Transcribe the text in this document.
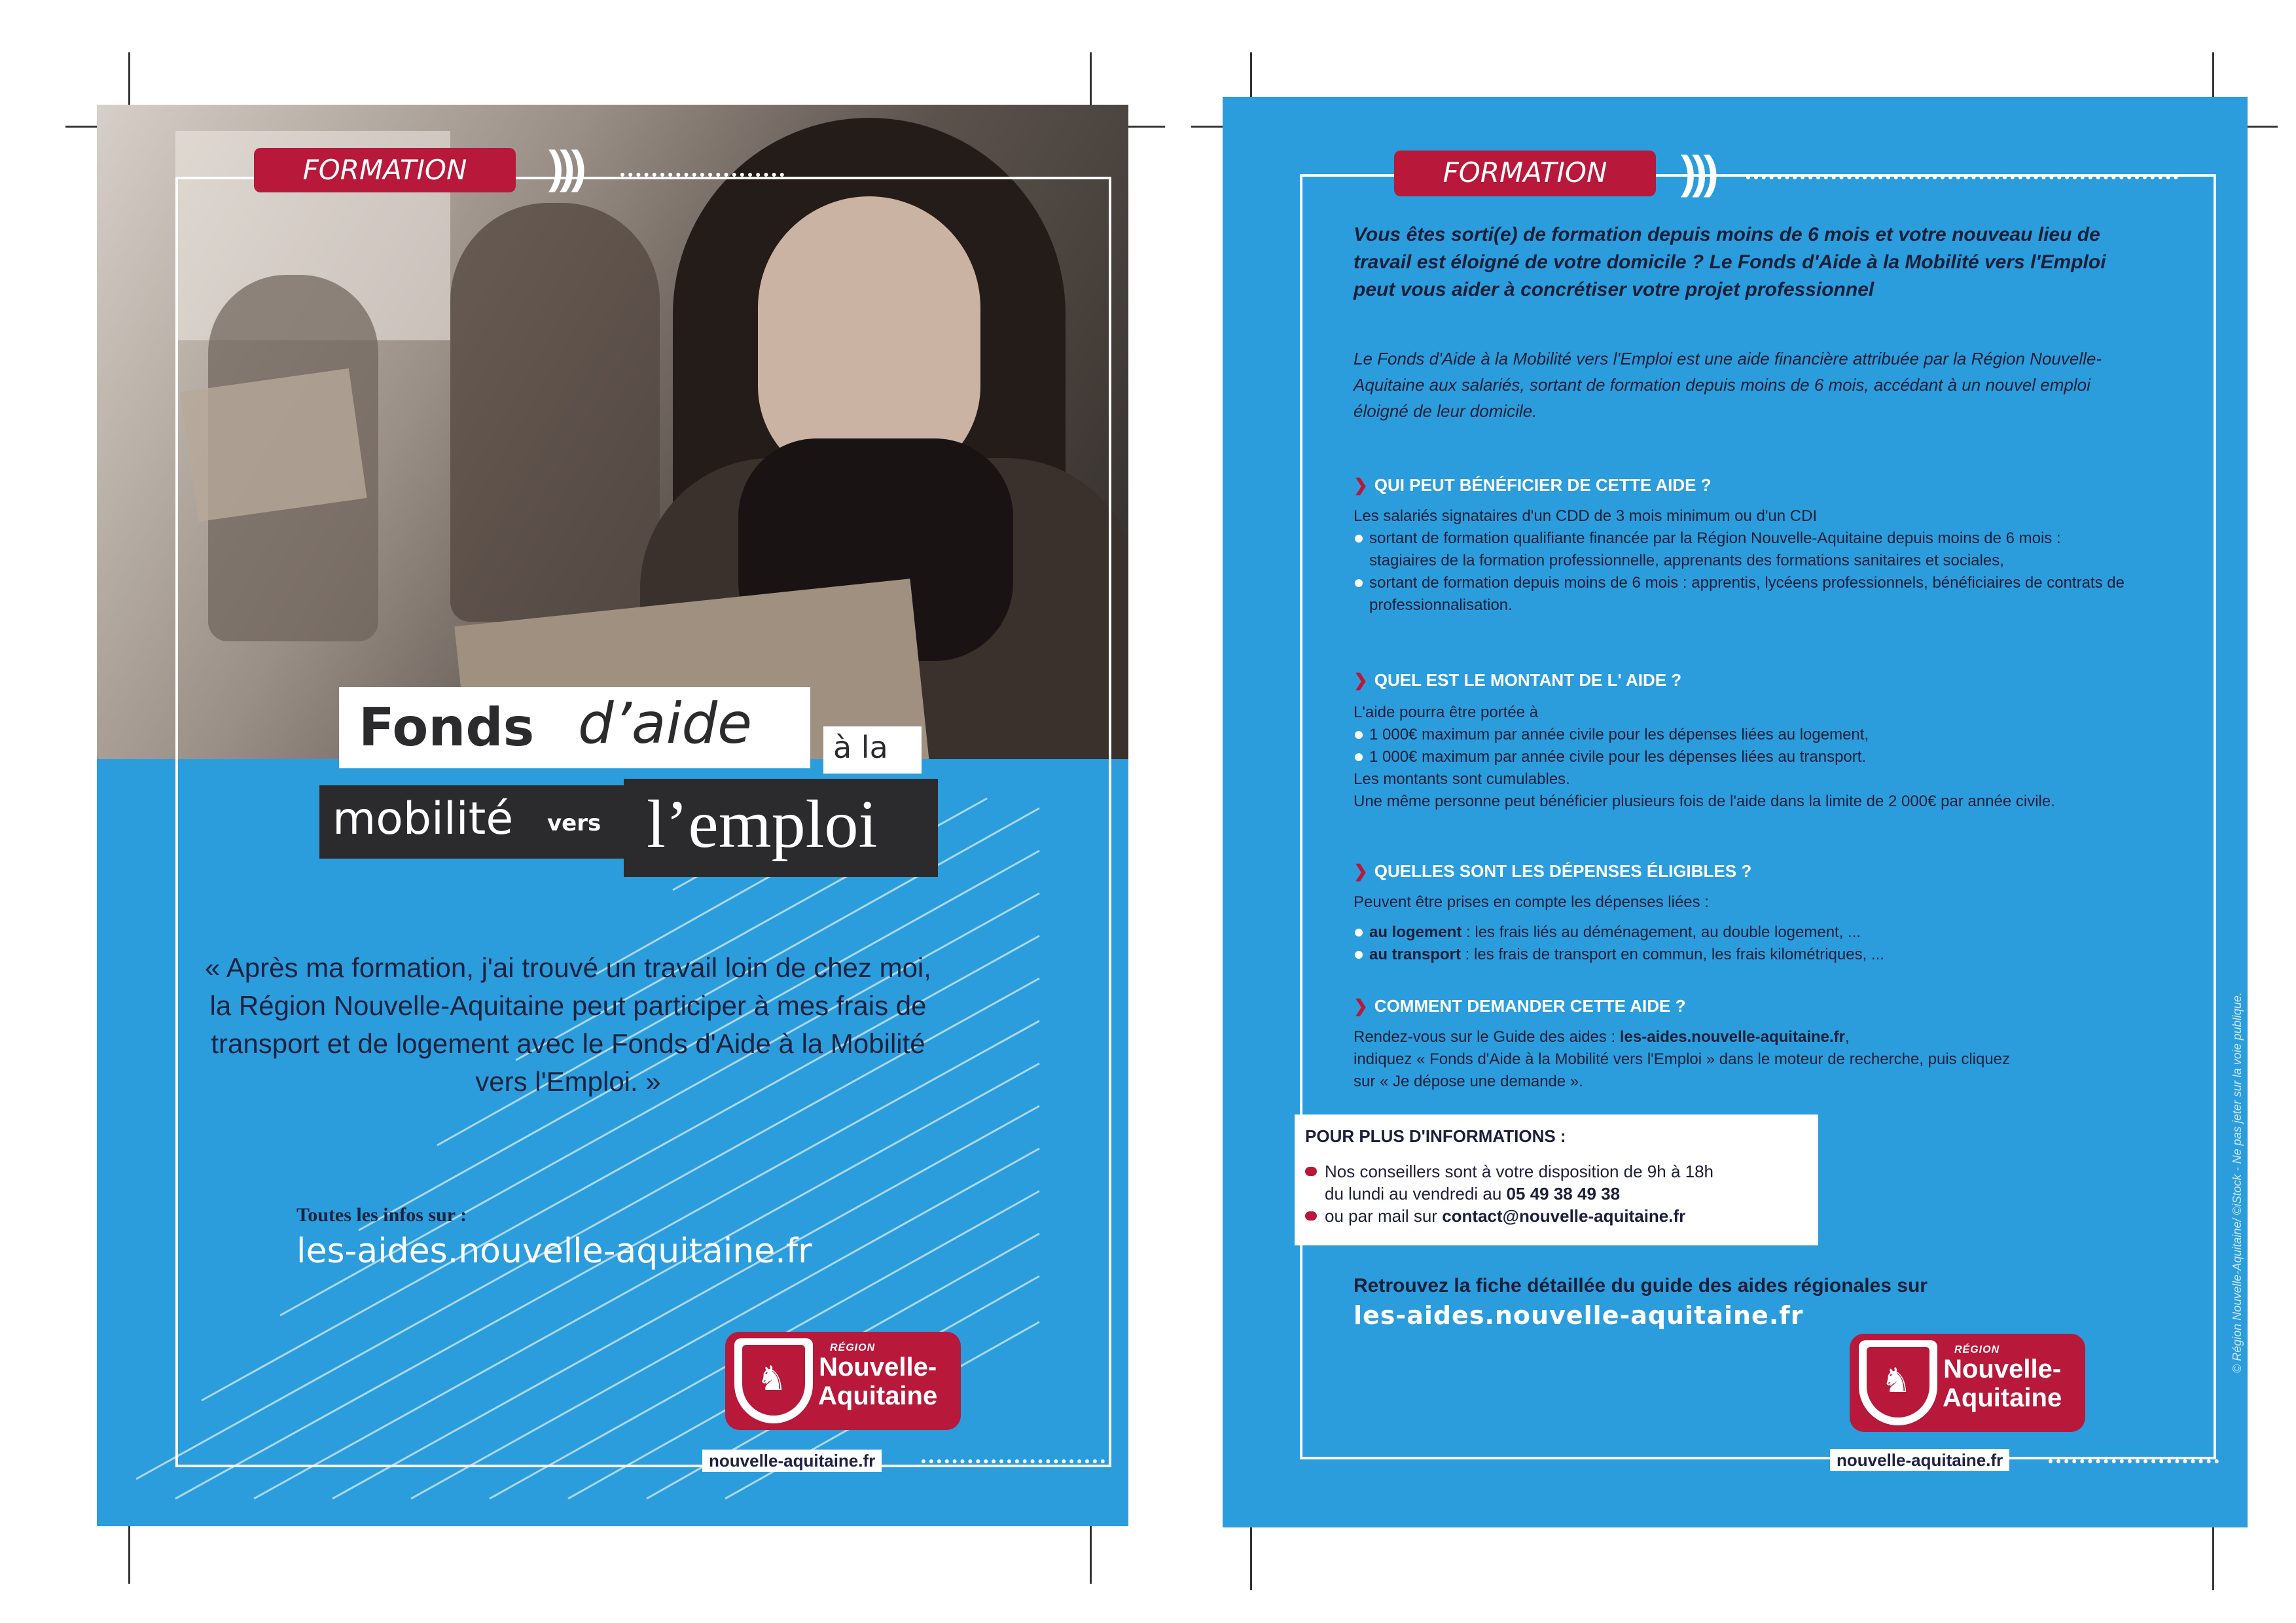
FORMATION	)))
Fonds d’aide	à la
mobilité vers l’emploi
« Après ma formation, j'ai trouvé un travail loin de chez moi, la Région Nouvelle-Aquitaine peut participer à mes frais de transport et de logement avec le Fonds d'Aide à la Mobilité vers l'Emploi. »
Toutes les infos sur :
les-aides.nouvelle-aquitaine.fr
♞
RÉGION
Nouvelle-
Aquitaine
nouvelle-aquitaine.fr
FORMATION	)))
Vous êtes sorti(e) de formation depuis moins de 6 mois et votre nouveau lieu de travail est éloigné de votre domicile ? Le Fonds d'Aide à la Mobilité vers l'Emploi peut vous aider à concrétiser votre projet professionnel
Le Fonds d'Aide à la Mobilité vers l'Emploi est une aide financière attribuée par la Région Nouvelle-Aquitaine aux salariés, sortant de formation depuis moins de 6 mois, accédant à un nouvel emploi éloigné de leur domicile.
❯ QUI PEUT BÉNÉFICIER DE CETTE AIDE ?
Les salariés signataires d'un CDD de 3 mois minimum ou d'un CDI
sortant de formation qualifiante financée par la Région Nouvelle-Aquitaine depuis moins de 6 mois : stagiaires de la formation professionnelle, apprenants des formations sanitaires et sociales,
sortant de formation depuis moins de 6 mois : apprentis, lycéens professionnels, bénéficiaires de contrats de professionnalisation.
❯ QUEL EST LE MONTANT DE L' AIDE ?
L'aide pourra être portée à
1 000€ maximum par année civile pour les dépenses liées au logement,
1 000€ maximum par année civile pour les dépenses liées au transport.
Les montants sont cumulables.
Une même personne peut bénéficier plusieurs fois de l'aide dans la limite de 2 000€ par année civile.
❯ QUELLES SONT LES DÉPENSES ÉLIGIBLES ?
Peuvent être prises en compte les dépenses liées :
au logement : les frais liés au déménagement, au double logement, ...
au transport : les frais de transport en commun, les frais kilométriques, ...
❯ COMMENT DEMANDER CETTE AIDE ?
Rendez-vous sur le Guide des aides : les-aides.nouvelle-aquitaine.fr,
indiquez « Fonds d'Aide à la Mobilité vers l'Emploi » dans le moteur de recherche, puis cliquez
sur « Je dépose une demande ».
POUR PLUS D'INFORMATIONS :
Nos conseillers sont à votre disposition de 9h à 18h
du lundi au vendredi au 05 49 38 49 38
ou par mail sur contact@nouvelle-aquitaine.fr
Retrouvez la fiche détaillée du guide des aides régionales sur
les-aides.nouvelle-aquitaine.fr
♞
RÉGION
Nouvelle-
Aquitaine
nouvelle-aquitaine.fr
© Région Nouvelle-Aquitaine/ ©iStock - Ne pas jeter sur la voie publique.
